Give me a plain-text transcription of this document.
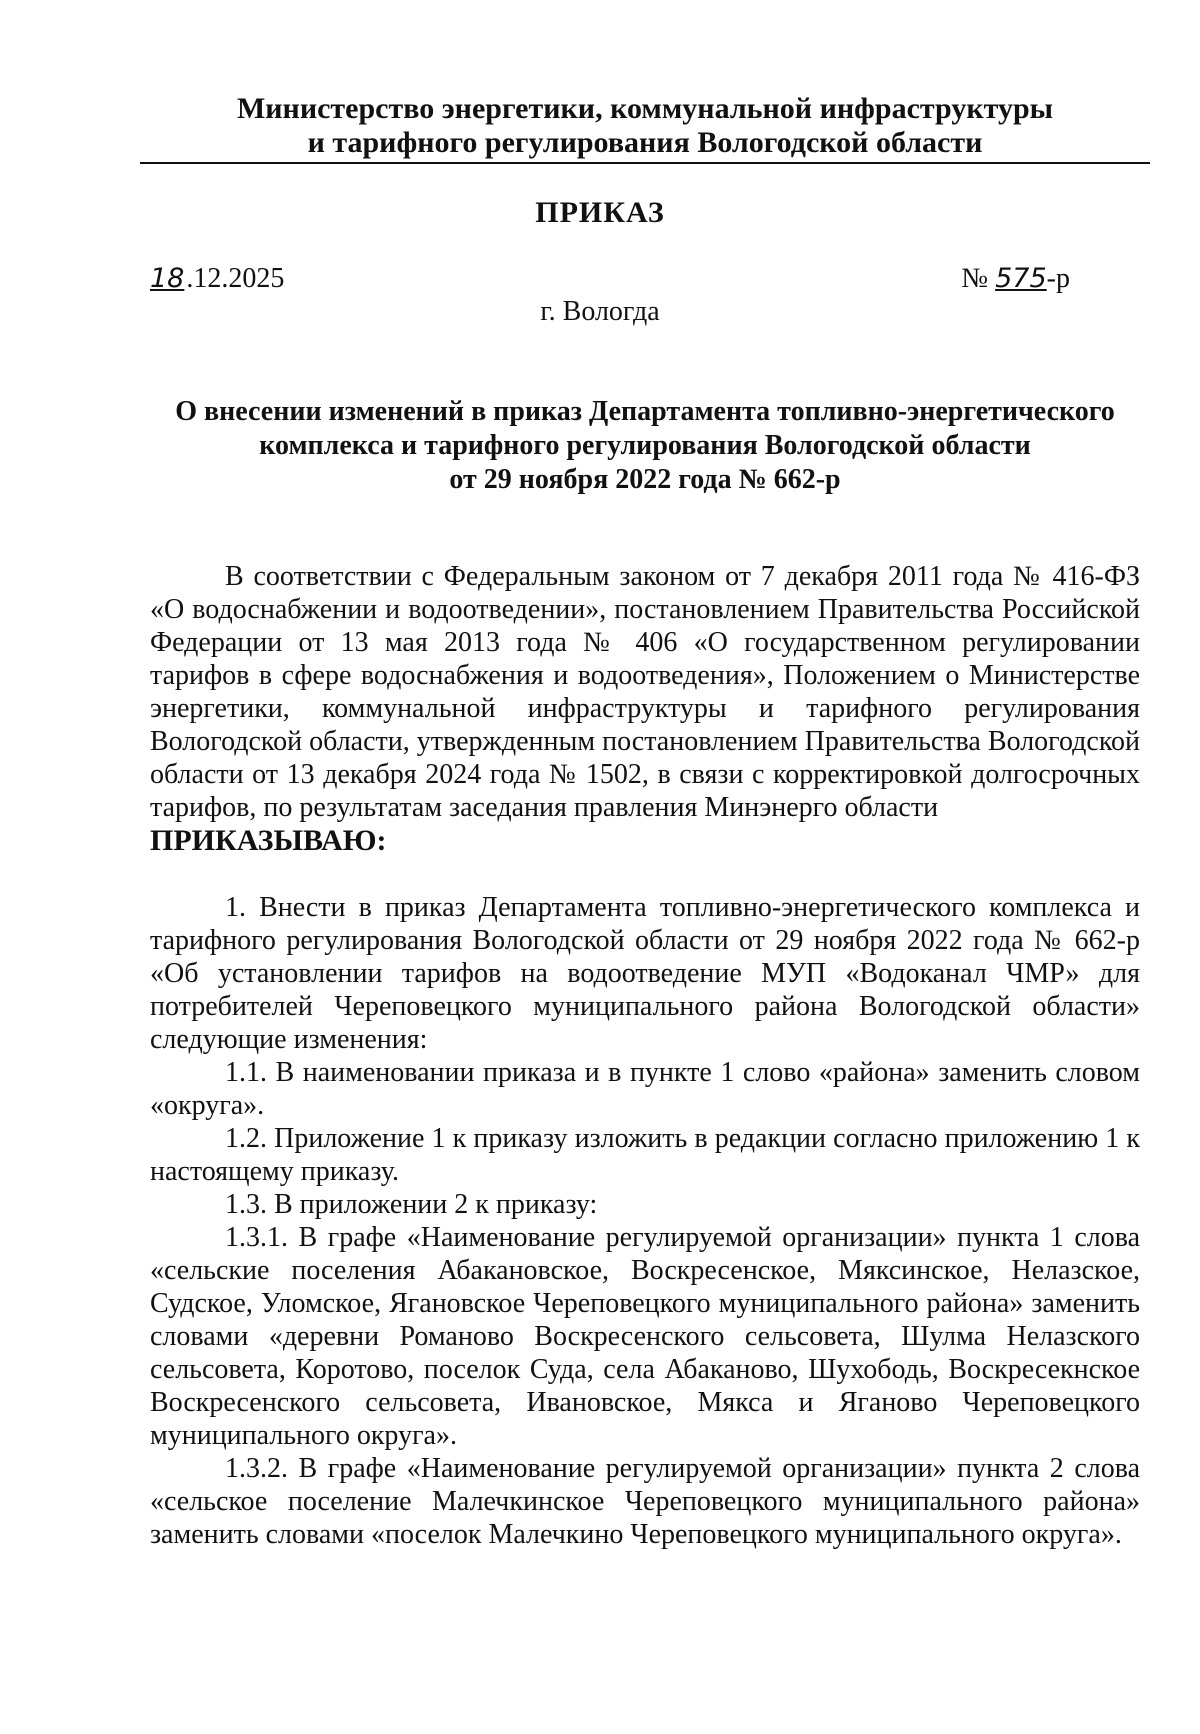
Министерство энергетики, коммунальной инфраструктуры
и тарифного регулирования Вологодской области
ПРИКАЗ
18.12.2025	№ 575-р
г. Вологда
О внесении изменений в приказ Департамента топливно-энергетического
комплекса и тарифного регулирования Вологодской области
от 29 ноября 2022 года № 662-р

В соответствии с Федеральным законом от 7 декабря 2011 года № 416-ФЗ «О водоснабжении и водоотведении», постановлением Правительства Российской Федерации от 13 мая 2013 года № 406 «О государственном регулировании тарифов в сфере водоснабжения и водоотведения», Положением о Министерстве энергетики, коммунальной инфраструктуры и тарифного регулирования Вологодской области, утвержденным постановлением Правительства Вологодской области от 13 декабря 2024 года № 1502, в связи с корректировкой долгосрочных тарифов, по результатам заседания правления Минэнерго области

ПРИКАЗЫВАЮ:

1. Внести в приказ Департамента топливно-энергетического комплекса и тарифного регулирования Вологодской области от 29 ноября 2022 года № 662-р «Об установлении тарифов на водоотведение МУП «Водоканал ЧМР» для потребителей Череповецкого муниципального района Вологодской области» следующие изменения:

1.1. В наименовании приказа и в пункте 1 слово «района» заменить словом «округа».

1.2. Приложение 1 к приказу изложить в редакции согласно приложению 1 к настоящему приказу.

1.3. В приложении 2 к приказу:

1.3.1. В графе «Наименование регулируемой организации» пункта 1 слова «сельские поселения Абакановское, Воскресенское, Мяксинское, Нелазское, Судское, Уломское, Ягановское Череповецкого муниципального района» заменить словами «деревни Романово Воскресенского сельсовета, Шулма Нелазского сельсовета, Коротово, поселок Суда, села Абаканово, Шухободь, Воскресекнское Воскресенского сельсовета, Ивановское, Мякса и Яганово Череповецкого муниципального округа».

1.3.2. В графе «Наименование регулируемой организации» пункта 2 слова «сельское поселение Малечкинское Череповецкого муниципального района» заменить словами «поселок Малечкино Череповецкого муниципального округа».
